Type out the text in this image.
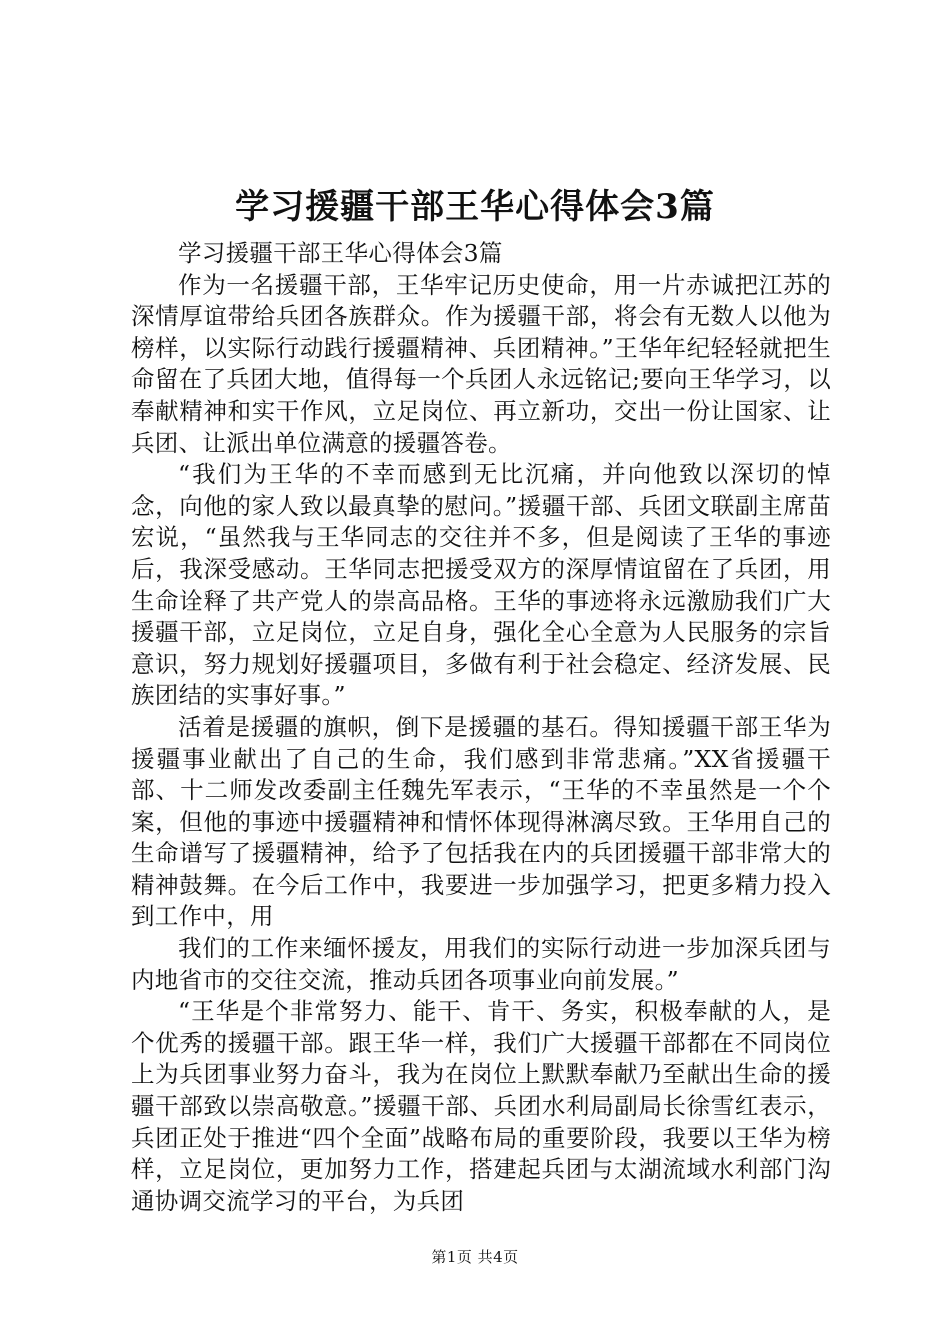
学习援疆干部王华心得体会3篇

学习援疆干部王华心得体会3篇

作为一名援疆干部，王华牢记历史使命，用一片赤诚把江苏的深情厚谊带给兵团各族群众。作为援疆干部，将会有无数人以他为榜样，以实际行动践行援疆精神、兵团精神。”王华年纪轻轻就把生命留在了兵团大地，值得每一个兵团人永远铭记;要向王华学习，以奉献精神和实干作风，立足岗位、再立新功，交出一份让国家、让兵团、让派出单位满意的援疆答卷。

“我们为王华的不幸而感到无比沉痛，并向他致以深切的悼念，向他的家人致以最真挚的慰问。”援疆干部、兵团文联副主席苗宏说，“虽然我与王华同志的交往并不多，但是阅读了王华的事迹后，我深受感动。王华同志把援受双方的深厚情谊留在了兵团，用生命诠释了共产党人的崇高品格。王华的事迹将永远激励我们广大援疆干部，立足岗位，立足自身，强化全心全意为人民服务的宗旨意识，努力规划好援疆项目，多做有利于社会稳定、经济发展、民族团结的实事好事。”

活着是援疆的旗帜，倒下是援疆的基石。得知援疆干部王华为援疆事业献出了自己的生命，我们感到非常悲痛。”XX省援疆干部、十二师发改委副主任魏先军表示，“王华的不幸虽然是一个个案，但他的事迹中援疆精神和情怀体现得淋漓尽致。王华用自己的生命谱写了援疆精神，给予了包括我在内的兵团援疆干部非常大的精神鼓舞。在今后工作中，我要进一步加强学习，把更多精力投入到工作中，用

我们的工作来缅怀援友，用我们的实际行动进一步加深兵团与内地省市的交往交流，推动兵团各项事业向前发展。”

“王华是个非常努力、能干、肯干、务实，积极奉献的人，是个优秀的援疆干部。跟王华一样，我们广大援疆干部都在不同岗位上为兵团事业努力奋斗，我为在岗位上默默奉献乃至献出生命的援疆干部致以崇高敬意。”援疆干部、兵团水利局副局长徐雪红表示，兵团正处于推进“四个全面”战略布局的重要阶段，我要以王华为榜样，立足岗位，更加努力工作，搭建起兵团与太湖流域水利部门沟通协调交流学习的平台，为兵团

第1页 共4页
